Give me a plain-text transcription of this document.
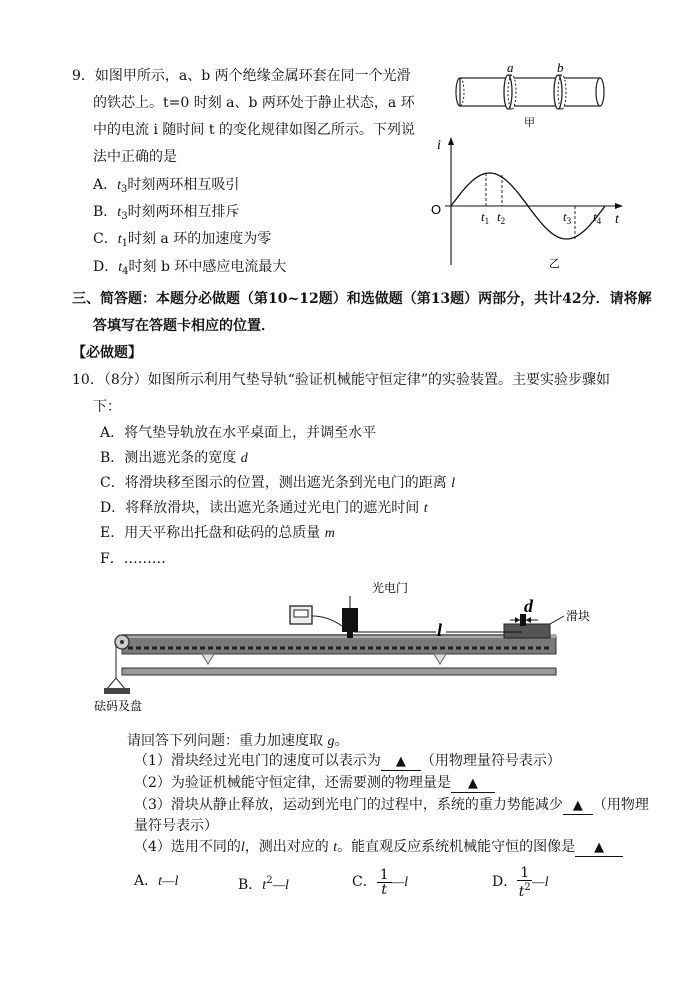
9．如图甲所示，a、b 两个绝缘金属环套在同一个光滑
的铁芯上。t=0 时刻 a、b 两环处于静止状态，a 环
中的电流 i 随时间 t 的变化规律如图乙所示。下列说
法中正确的是
A．$t_3$时刻两环相互吸引
B．$t_3$时刻两环相互排斥
C．$t_1$时刻 a 环的加速度为零
D．$t_4$时刻 b 环中感应电流最大
a	b
甲
i
t
O	$t_1$ $t_2$	$t_3$ $t_4$
乙
三、简答题：本题分必做题（第10~12题）和选做题（第13题）两部分，共计42分．请将解
答填写在答题卡相应的位置．
【必做题】
10．（8分）如图所示利用气垫导轨“验证机械能守恒定律”的实验装置。主要实验步骤如
下：
A．将气垫导轨放在水平桌面上，并调至水平
B．测出遮光条的宽度 d
C．将滑块移至图示的位置，测出遮光条到光电门的距离 l
D．将释放滑块，读出遮光条通过光电门的遮光时间 t
E．用天平称出托盘和砝码的总质量 m
F．………
光电门
滑块
砝码及盘
d
l
请回答下列问题：重力加速度取 g。
（1）滑块经过光电门的速度可以表示为 ▲ （用物理量符号表示）
（2）为验证机械能守恒定律，还需要测的物理量是 ▲
（3）滑块从静止释放，运动到光电门的过程中，系统的重力势能减少 ▲ （用物理
量符号表示）
（4）选用不同的l，测出对应的 t。能直观反应系统机械能守恒的图像是 ▲
A．t—l	B．$t^2—l$	C． $\frac{1}{t}$ —l	D． $\frac{1}{t^2}$ —l
